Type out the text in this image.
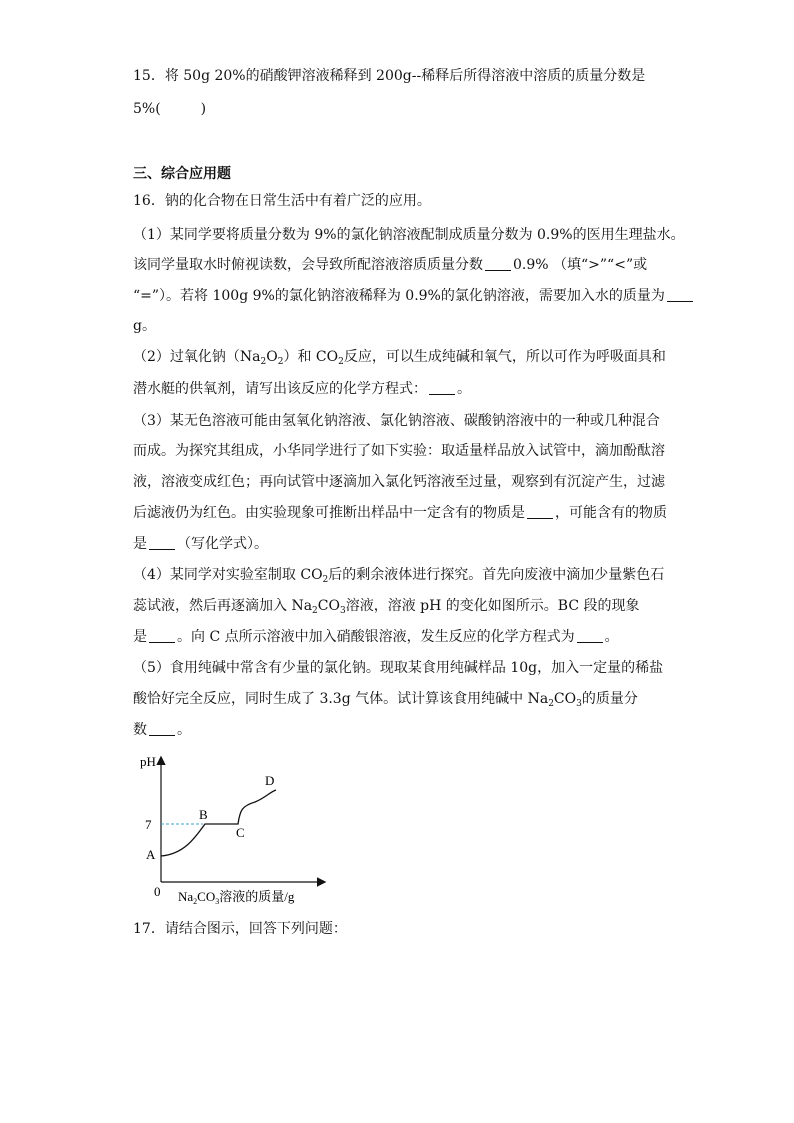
15．将 50g 20%的硝酸钾溶液稀释到 200g--稀释后所得溶液中溶质的质量分数是
5%(	)
三、综合应用题
16．钠的化合物在日常生活中有着广泛的应用。
（1）某同学要将质量分数为 9%的氯化钠溶液配制成质量分数为 0.9%的医用生理盐水。
该同学量取水时俯视读数，会导致所配溶液溶质质量分数 0.9% （填“>”“<”或
“=”）。若将 100g 9%的氯化钠溶液稀释为 0.9%的氯化钠溶液，需要加入水的质量为
g。
（2）过氧化钠$(Na_2O_2)$和 $CO_2$反应，可以生成纯碱和氧气，所以可作为呼吸面具和
潜水艇的供氧剂，请写出该反应的化学方程式： 。
（3）某无色溶液可能由氢氧化钠溶液、氯化钠溶液、碳酸钠溶液中的一种或几种混合
而成。为探究其组成，小华同学进行了如下实验：取适量样品放入试管中，滴加酚酞溶
液，溶液变成红色；再向试管中逐滴加入氯化钙溶液至过量，观察到有沉淀产生，过滤
后滤液仍为红色。由实验现象可推断出样品中一定含有的物质是 ，可能含有的物质
是 （写化学式）。
（4）某同学对实验室制取 $CO_2$后的剩余液体进行探究。首先向废液中滴加少量紫色石
蕊试液，然后再逐滴加入 $Na_2CO_3$溶液，溶液 pH 的变化如图所示。BC 段的现象
是 。向 C 点所示溶液中加入硝酸银溶液，发生反应的化学方程式为 。
（5）食用纯碱中常含有少量的氯化钠。现取某食用纯碱样品 10g，加入一定量的稀盐
酸恰好完全反应，同时生成了 3.3g 气体。试计算该食用纯碱中 $Na_2CO_3$的质量分
数 。
pH
0
7
$Na_2CO_3$溶液的质量/g
A
B
C
D
17．请结合图示，回答下列问题：
